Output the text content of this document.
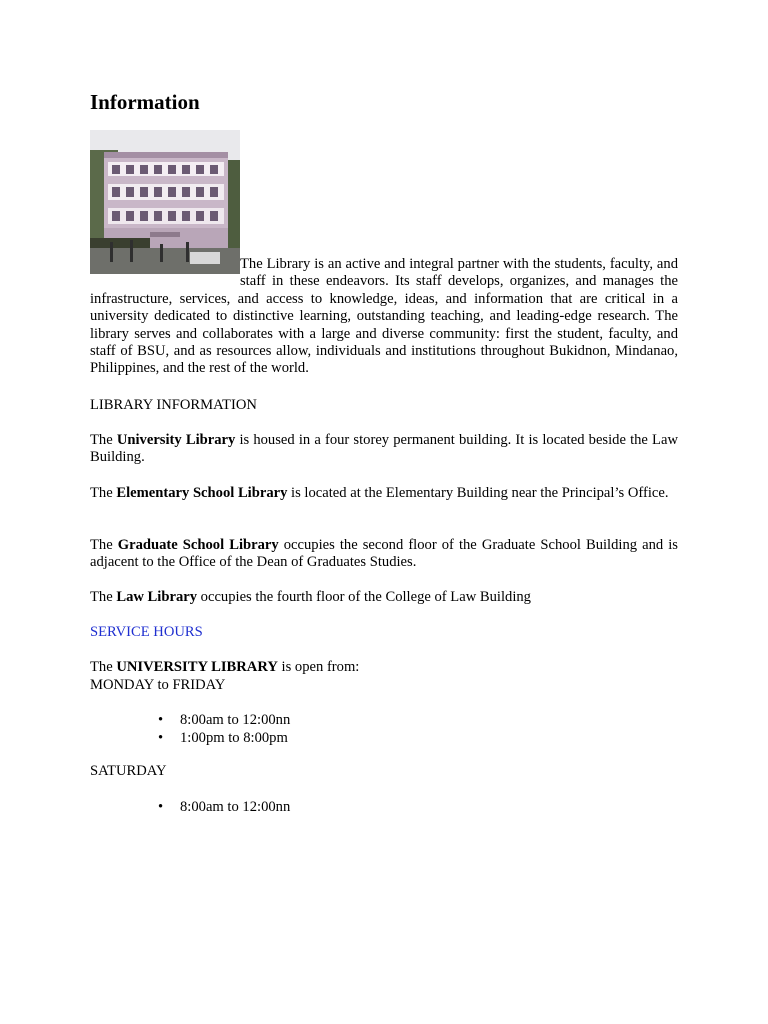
Information
The Library is an active and integral partner with the students, faculty, and staff in these endeavors. Its staff develops, organizes, and manages the infrastructure, services, and access to knowledge, ideas, and information that are critical in a university dedicated to distinctive learning, outstanding teaching, and leading-edge research. The library serves and collaborates with a large and diverse community: first the student, faculty, and staff of BSU, and as resources allow, individuals and institutions throughout Bukidnon, Mindanao, Philippines, and the rest of the world.

LIBRARY INFORMATION

The University Library is housed in a four storey permanent building. It is located beside the Law Building.

The Elementary School Library is located at the Elementary Building near the Principal’s Office.

The Graduate School Library occupies the second floor of the Graduate School Building and is adjacent to the Office of the Dean of Graduates Studies.

The Law Library occupies the fourth floor of the College of Law Building

SERVICE HOURS

The UNIVERSITY LIBRARY is open from:

MONDAY to FRIDAY

• 8:00am to 12:00nn
• 1:00pm to 8:00pm

SATURDAY

• 8:00am to 12:00nn
